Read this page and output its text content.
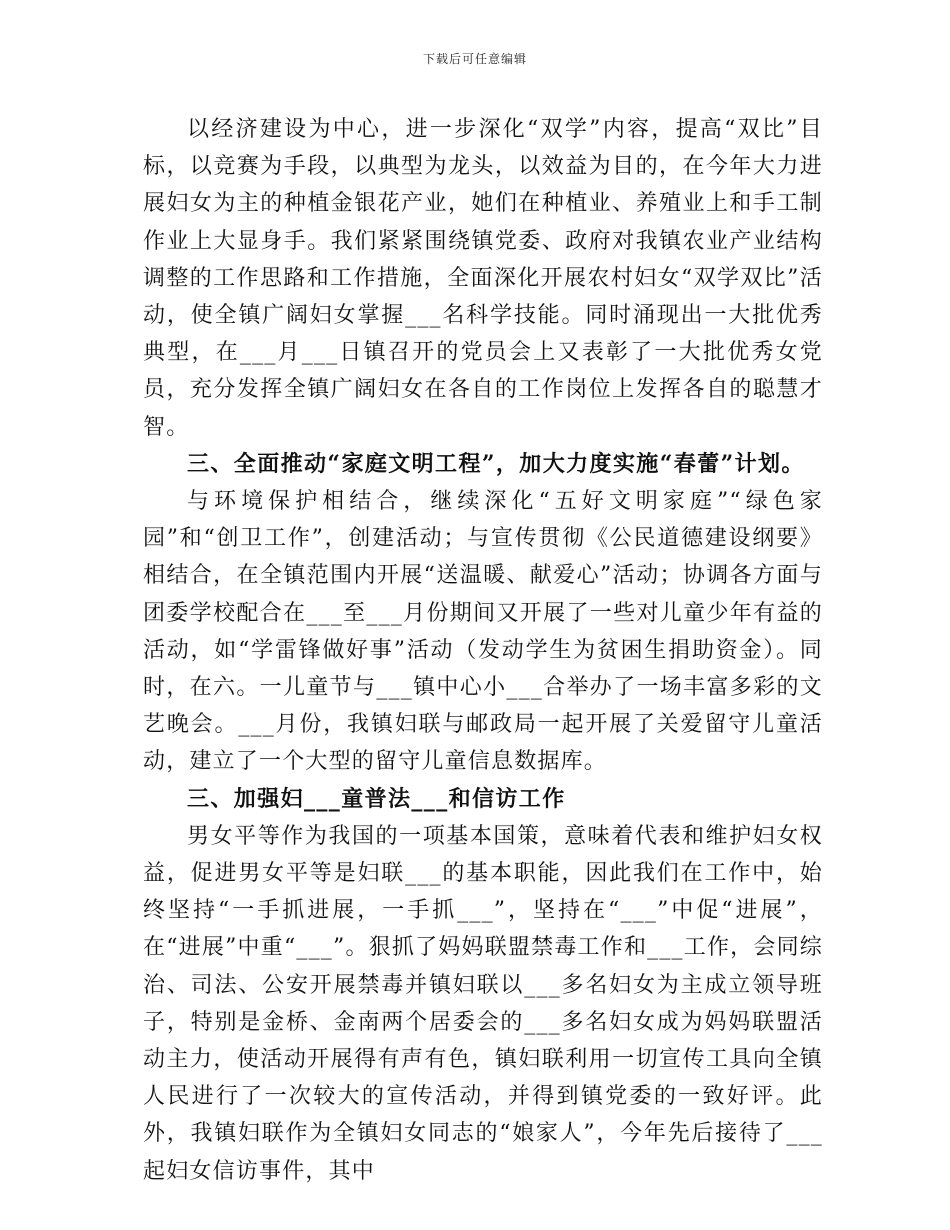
下载后可任意编辑

以经济建设为中心，进一步深化“双学”内容，提高“双比”目标，以竞赛为手段，以典型为龙头，以效益为目的，在今年大力进展妇女为主的种植金银花产业，她们在种植业、养殖业上和手工制作业上大显身手。我们紧紧围绕镇党委、政府对我镇农业产业结构调整的工作思路和工作措施，全面深化开展农村妇女“双学双比”活动，使全镇广阔妇女掌握___名科学技能。同时涌现出一大批优秀典型，在___月___日镇召开的党员会上又表彰了一大批优秀女党员，充分发挥全镇广阔妇女在各自的工作岗位上发挥各自的聪慧才智。

三、全面推动“家庭文明工程”，加大力度实施“春蕾”计划。

与环境保护相结合，继续深化“五好文明家庭”“绿色家园”和“创卫工作”，创建活动；与宣传贯彻《公民道德建设纲要》相结合，在全镇范围内开展“送温暖、献爱心”活动；协调各方面与团委学校配合在___至___月份期间又开展了一些对儿童少年有益的活动，如“学雷锋做好事”活动（发动学生为贫困生捐助资金）。同时，在六。一儿童节与___镇中心小___合举办了一场丰富多彩的文艺晚会。___月份，我镇妇联与邮政局一起开展了关爱留守儿童活动，建立了一个大型的留守儿童信息数据库。

三、加强妇___童普法___和信访工作

男女平等作为我国的一项基本国策，意味着代表和维护妇女权益，促进男女平等是妇联___的基本职能，因此我们在工作中，始终坚持“一手抓进展，一手抓___”，坚持在“___”中促“进展”，在“进展”中重“___”。狠抓了妈妈联盟禁毒工作和___工作，会同综治、司法、公安开展禁毒并镇妇联以___多名妇女为主成立领导班子，特别是金桥、金南两个居委会的___多名妇女成为妈妈联盟活动主力，使活动开展得有声有色，镇妇联利用一切宣传工具向全镇人民进行了一次较大的宣传活动，并得到镇党委的一致好评。此外，我镇妇联作为全镇妇女同志的“娘家人”，今年先后接待了___起妇女信访事件，其中
